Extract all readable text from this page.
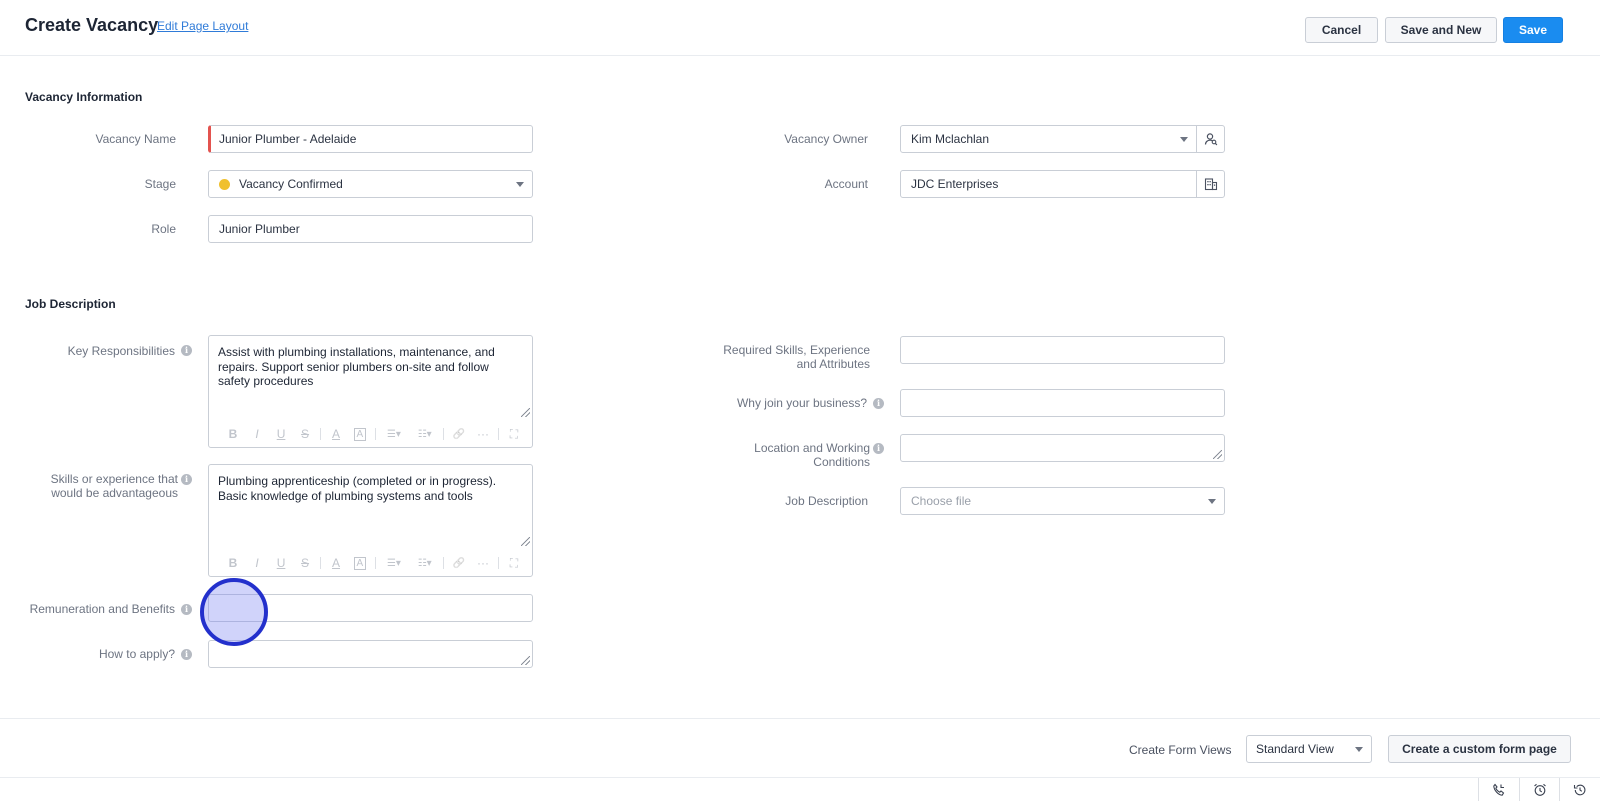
Create Vacancy
Edit Page Layout	Cancel	Save and New	Save
Vacancy Information
Vacancy Name	Junior Plumber - Adelaide
Stage	Vacancy Confirmed
Role	Junior Plumber
Vacancy Owner	Kim Mclachlan
Account	JDC Enterprises
Job Description
Key Responsibilities	i	Assist with plumbing installations, maintenance, and repairs. Support senior plumbers on-site and follow safety procedures
B	I	U	S	A	A	☰▾	☷▾	🔗 ···	⛶
Skills or experience that would be advantageous
i	Plumbing apprenticeship (completed or in progress). Basic knowledge of plumbing systems and tools
B	I	U	S	A	A	☰▾	☷▾	🔗 ···	⛶
Remuneration and Benefits	i
How to apply?	i
Required Skills, Experience and Attributes
Why join your business?	i
Location and Working Conditions
i
Job Description	Choose file
Create Form Views Standard View	Create a custom form page
